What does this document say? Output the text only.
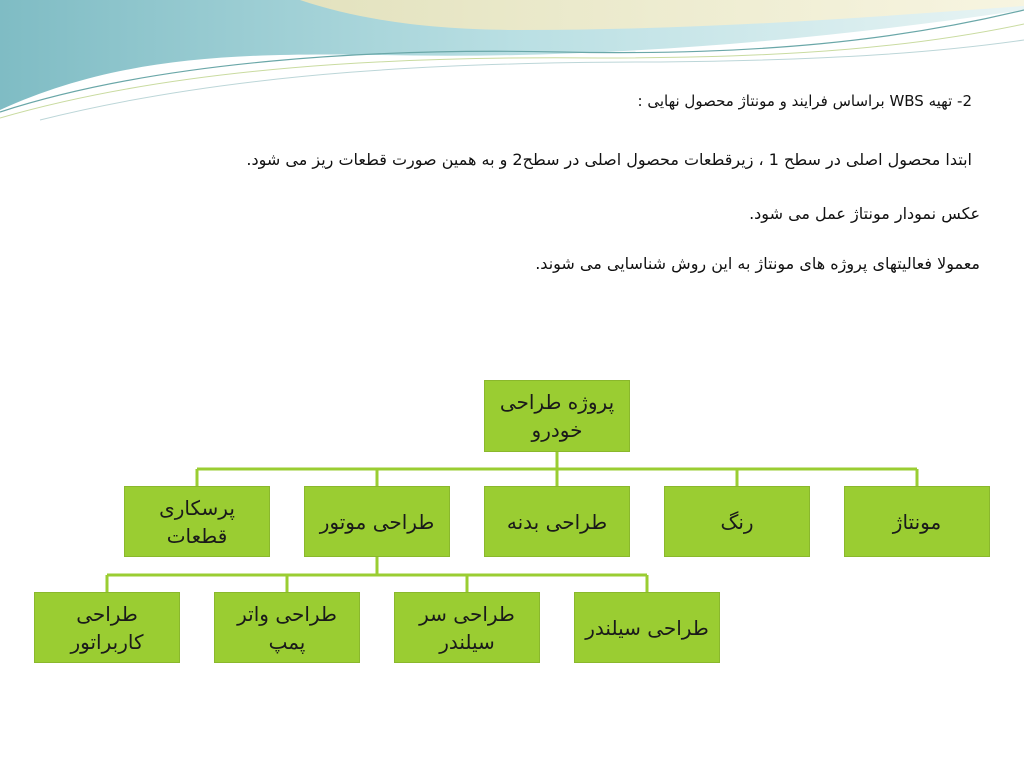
2- تهیه WBS براساس فرایند و مونتاژ محصول نهایی :
ابتدا محصول اصلی در سطح 1 ، زیرقطعات محصول اصلی در سطح2 و به همین صورت قطعات ریز می شود.
عکس نمودار مونتاژ عمل می شود.
معمولا فعالیتهای پروژه های مونتاژ به این روش شناسایی می شوند.
پروژه طراحی خودرو
پرسکاری قطعات
طراحی موتور	طراحی بدنه	رنگ	مونتاژ
طراحی کاربراتور
طراحی واتر پمپ
طراحی سر سیلندر
طراحی سیلندر
